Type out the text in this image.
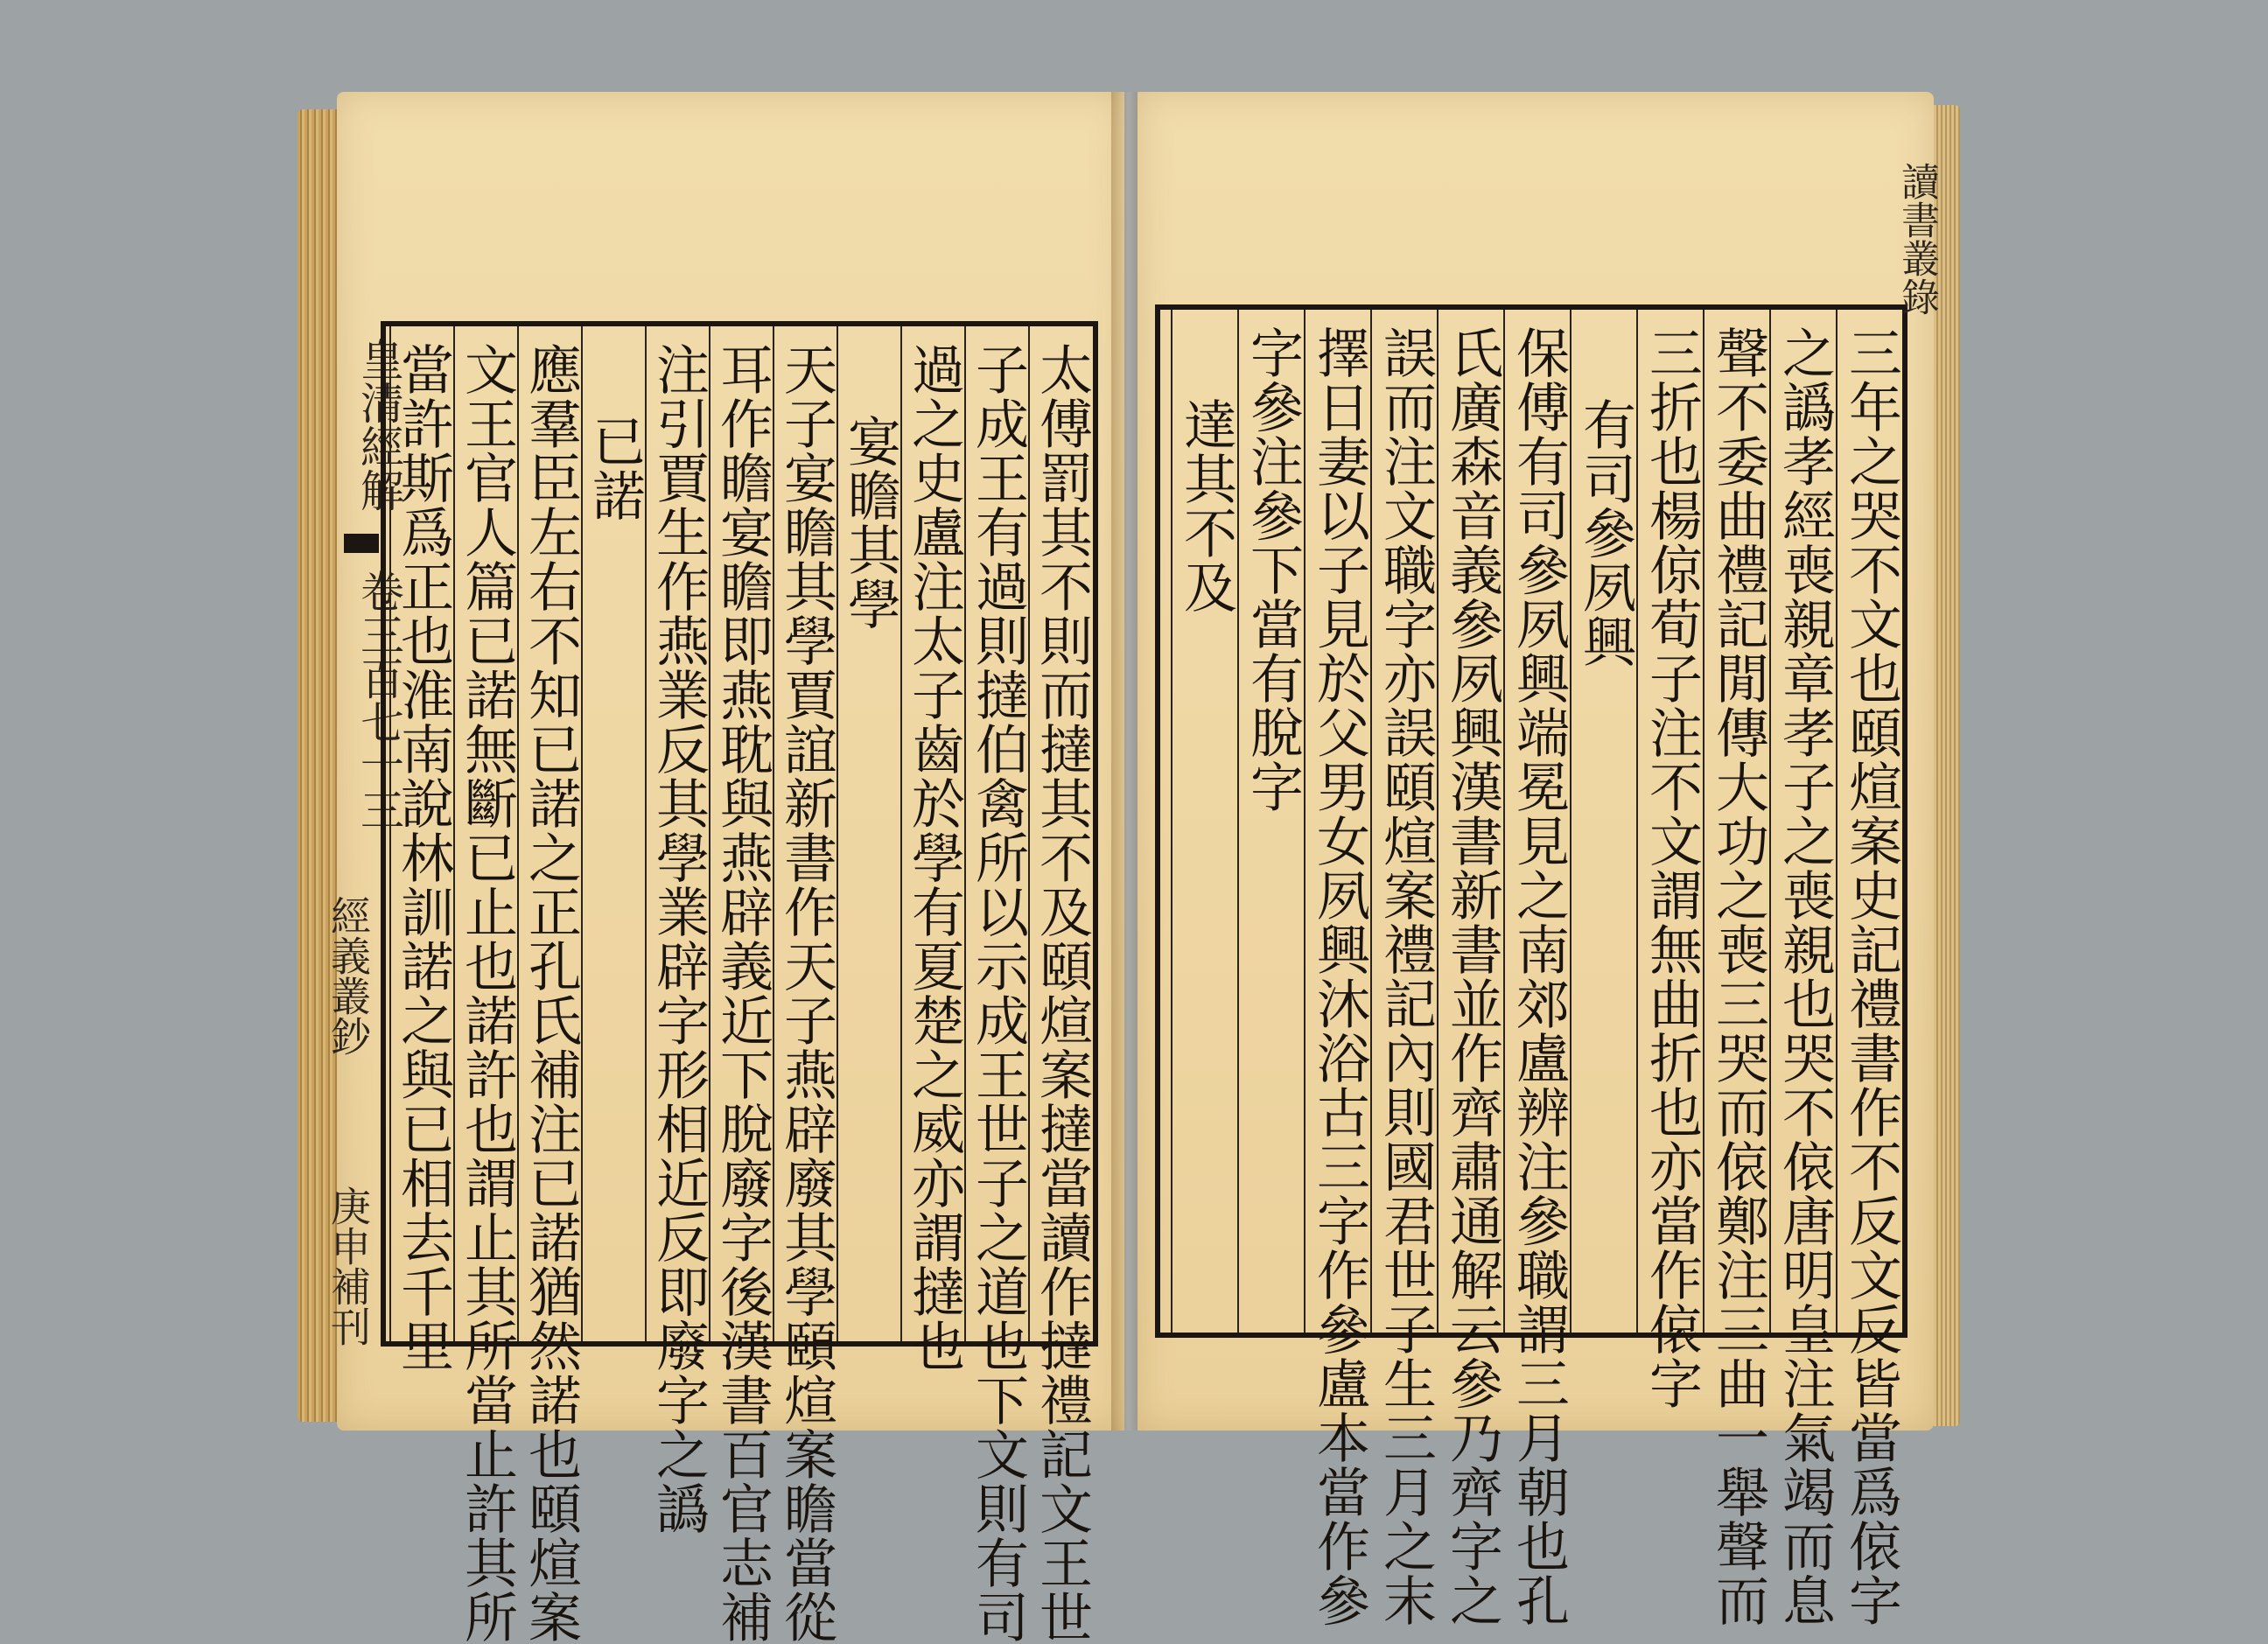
皇清經解
卷三百七十三
經義叢鈔
庚申補刊	太傅罰其不則而撻其不及頤煊案撻當讀作撻禮記文王世
子成王有過則撻伯禽所以示成王世子之道也下文則有司
過之史盧注太子齒於學有夏楚之威亦謂撻也
宴瞻其學
天子宴瞻其學賈誼新書作天子燕辟廢其學頤煊案瞻當從
耳作瞻宴瞻即燕耽與燕辟義近下脫廢字後漢書百官志補
注引賈生作燕業反其學業辟字形相近反即廢字之譌
已諾
應羣臣左右不知已諾之正孔氏補注已諾猶然諾也頤煊案
文王官人篇已諾無斷已止也諾許也謂止其所當止許其所
當許斯爲正也淮南說林訓諾之與已相去千里	三年之哭不文也頤煊案史記禮書作不反文反皆當爲偯字
之譌孝經喪親章孝子之喪親也哭不偯唐明皇注氣竭而息
聲不委曲禮記閒傳大功之喪三哭而偯鄭注三曲一舉聲而
三折也楊倞荀子注不文謂無曲折也亦當作偯字
有司參夙興
保傅有司參夙興端冕見之南郊盧辨注參職謂三月朝也孔
氏廣森音義參夙興漢書新書並作齊肅通解云參乃齊字之
誤而注文職字亦誤頤煊案禮記內則國君世子生三月之末
擇日妻以子見於父男女夙興沐浴古三字作參盧本當作參
字參注參下當有脫字
達其不及
讀書叢錄
